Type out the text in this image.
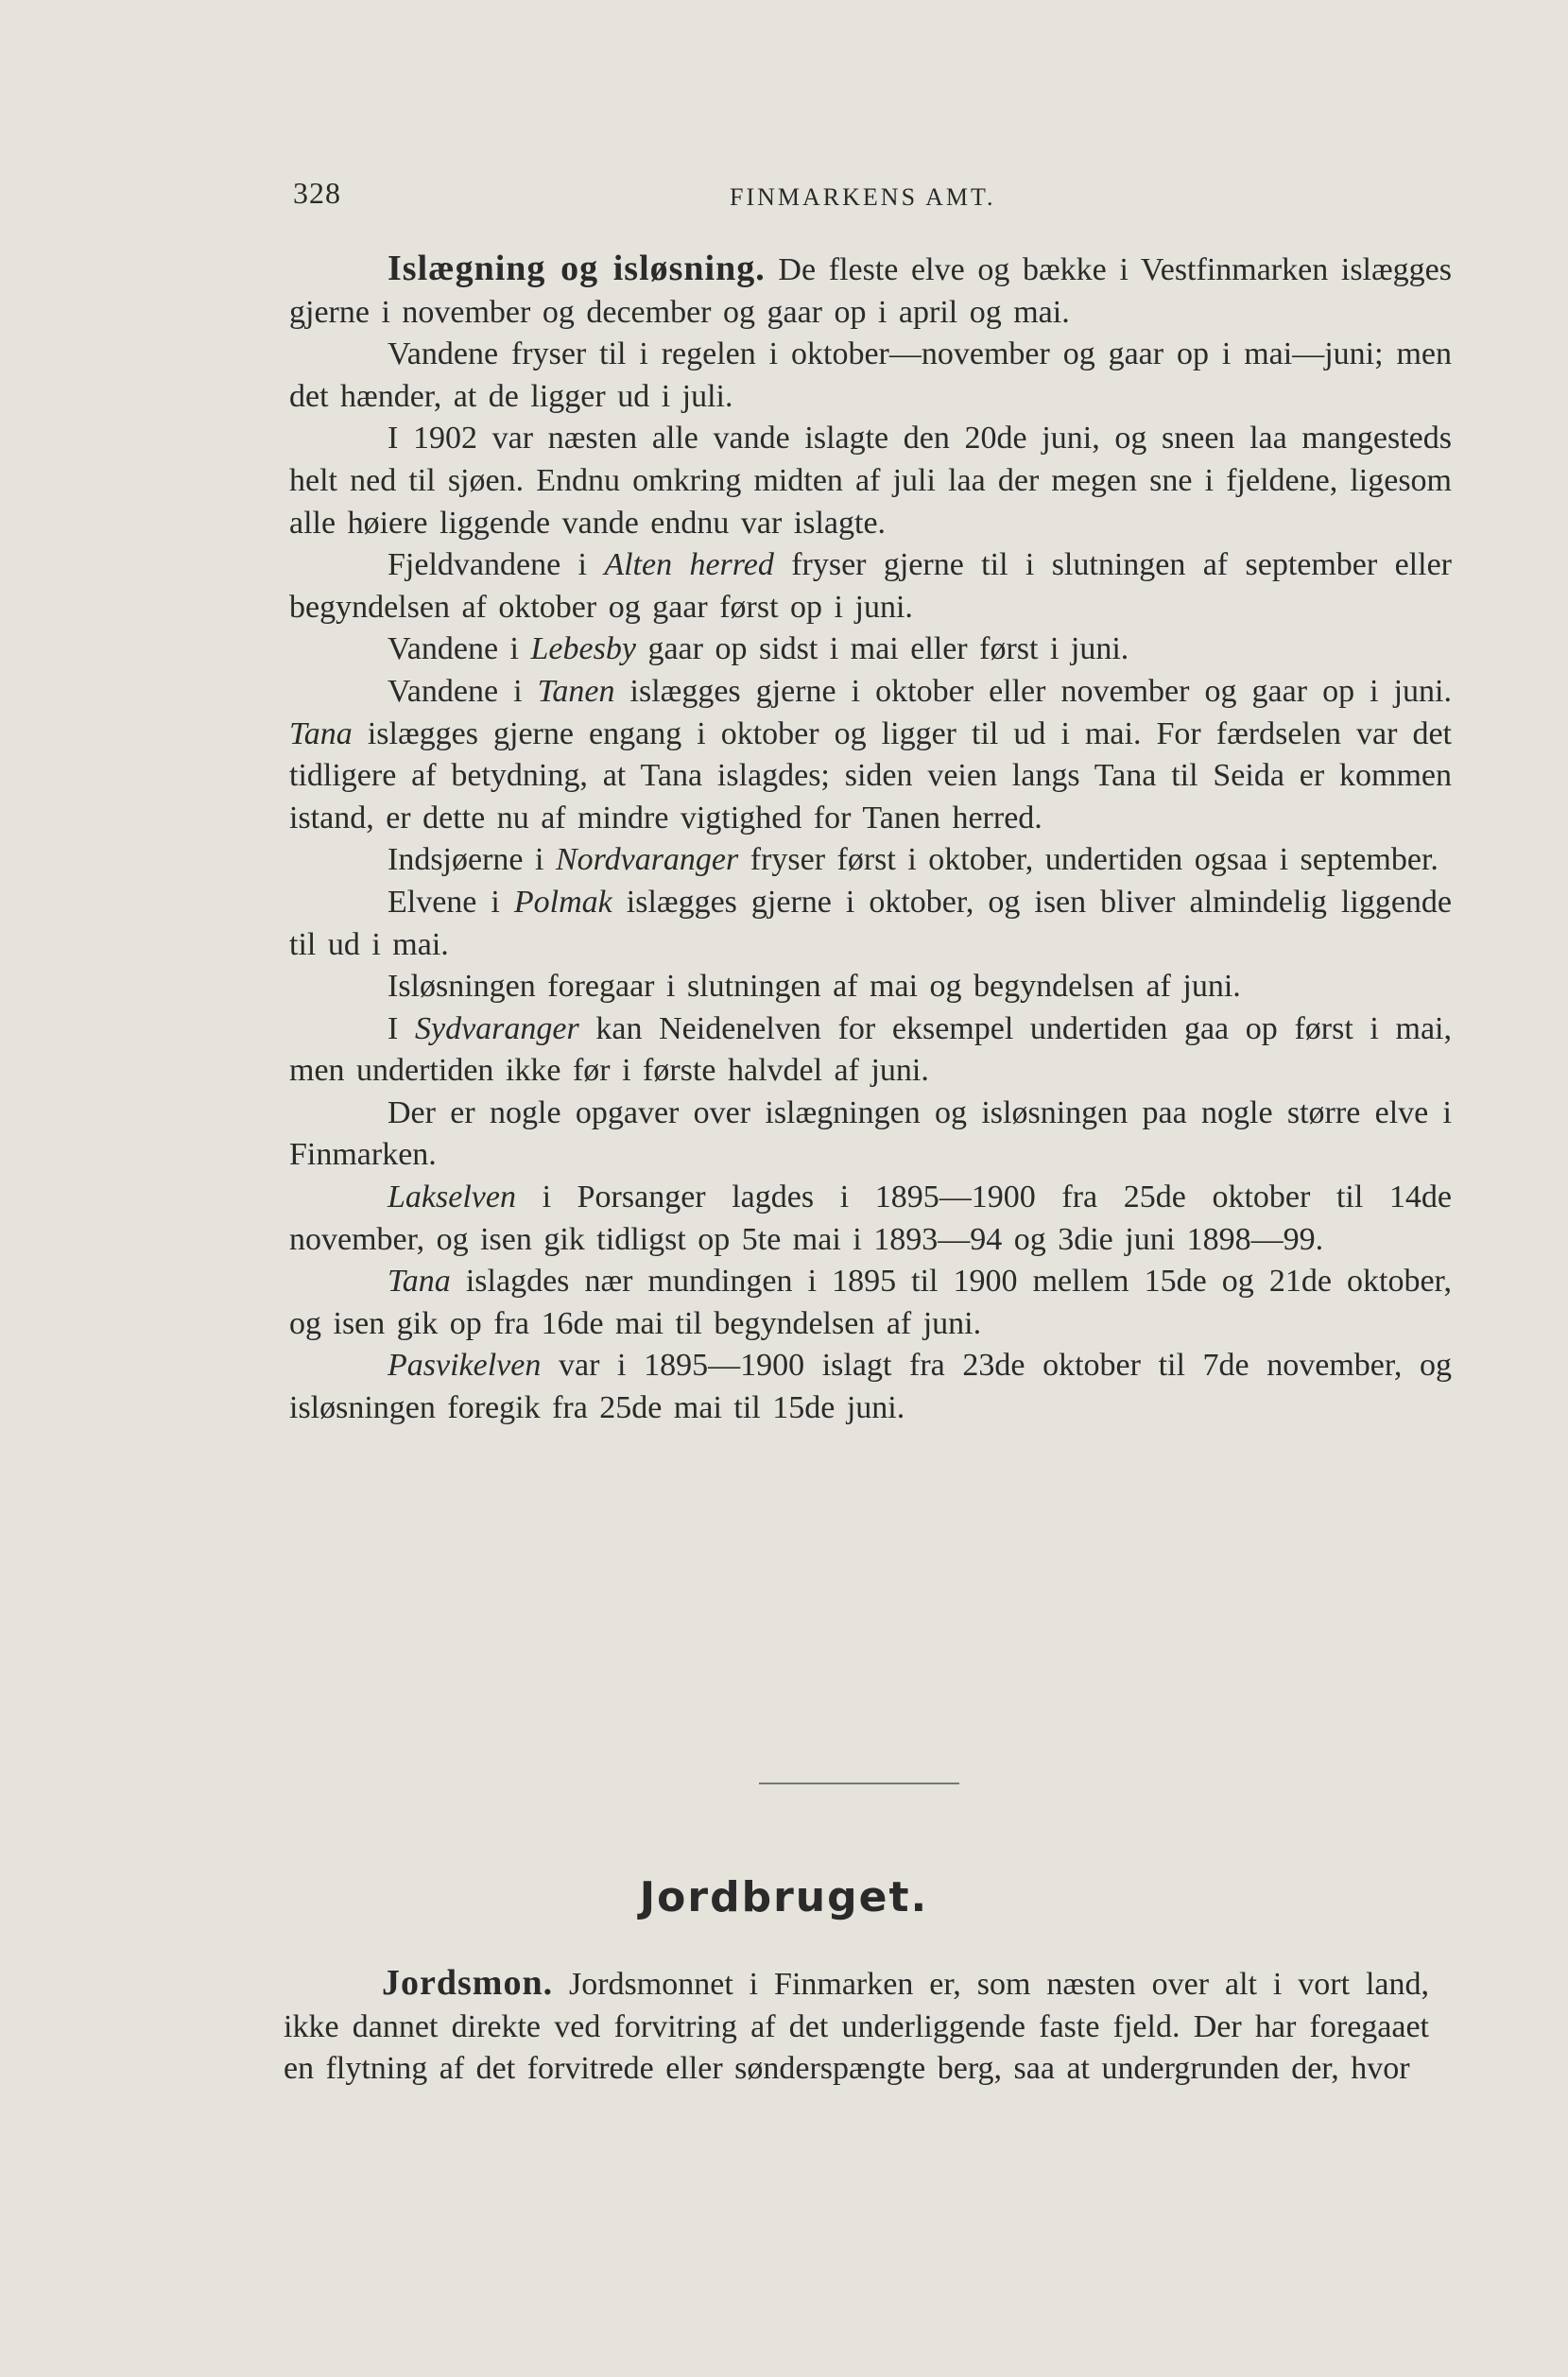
328	FINMARKENS AMT.

Islægning og isløsning. De fleste elve og bække i Vestfinmarken islægges gjerne i november og december og gaar op i april og mai.

Vandene fryser til i regelen i oktober—november og gaar op i mai—juni; men det hænder, at de ligger ud i juli.

I 1902 var næsten alle vande islagte den 20de juni, og sneen laa mangesteds helt ned til sjøen. Endnu omkring midten af juli laa der megen sne i fjeldene, ligesom alle høiere liggende vande endnu var islagte.

Fjeldvandene i Alten herred fryser gjerne til i slutningen af september eller begyndelsen af oktober og gaar først op i juni.

Vandene i Lebesby gaar op sidst i mai eller først i juni.

Vandene i Tanen islægges gjerne i oktober eller november og gaar op i juni. Tana islægges gjerne engang i oktober og ligger til ud i mai. For færdselen var det tidligere af betydning, at Tana islagdes; siden veien langs Tana til Seida er kommen istand, er dette nu af mindre vigtighed for Tanen herred.

Indsjøerne i Nordvaranger fryser først i oktober, undertiden ogsaa i september.

Elvene i Polmak islægges gjerne i oktober, og isen bliver almindelig liggende til ud i mai.

Isløsningen foregaar i slutningen af mai og begyndelsen af juni.

I Sydvaranger kan Neidenelven for eksempel undertiden gaa op først i mai, men undertiden ikke før i første halvdel af juni.

Der er nogle opgaver over islægningen og isløsningen paa nogle større elve i Finmarken.

Lakselven i Porsanger lagdes i 1895—1900 fra 25de oktober til 14de november, og isen gik tidligst op 5te mai i 1893—94 og 3die juni 1898—99.

Tana islagdes nær mundingen i 1895 til 1900 mellem 15de og 21de oktober, og isen gik op fra 16de mai til begyndelsen af juni.

Pasvikelven var i 1895—1900 islagt fra 23de oktober til 7de november, og isløsningen foregik fra 25de mai til 15de juni.

Jordbruget.

Jordsmon. Jordsmonnet i Finmarken er, som næsten over alt i vort land, ikke dannet direkte ved forvitring af det underliggende faste fjeld. Der har foregaaet en flytning af det forvitrede eller sønderspængte berg, saa at undergrunden der, hvor
